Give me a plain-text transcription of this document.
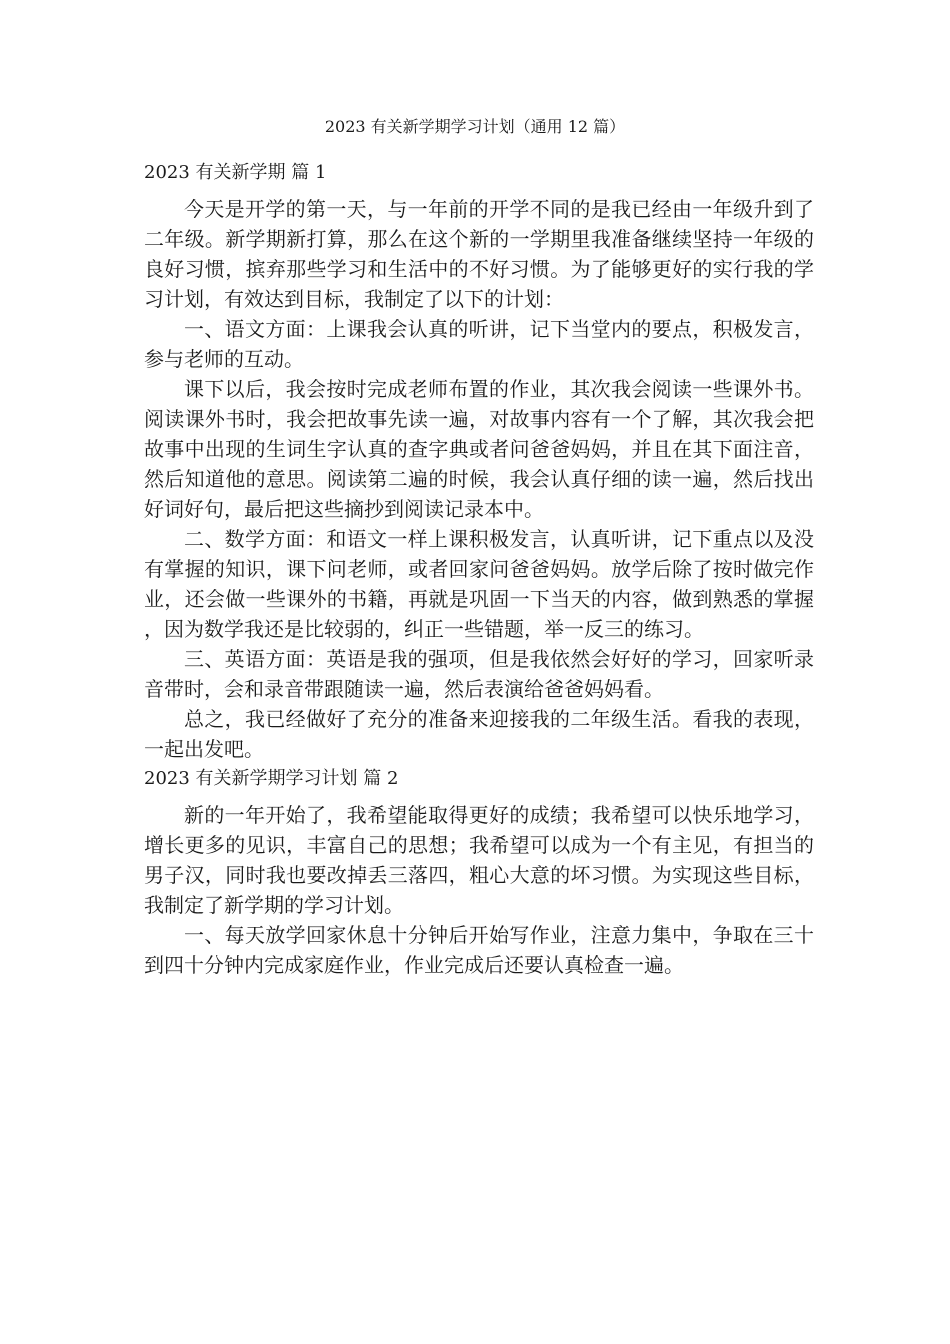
2023 有关新学期学习计划（通用 12 篇）
2023 有关新学期 篇 1

今天是开学的第一天，与一年前的开学不同的是我已经由一年级升到了二年级。新学期新打算，那么在这个新的一学期里我准备继续坚持一年级的良好习惯，摈弃那些学习和生活中的不好习惯。为了能够更好的实行我的学习计划，有效达到目标，我制定了以下的计划：

一、语文方面：上课我会认真的听讲，记下当堂内的要点，积极发言，参与老师的互动。

课下以后，我会按时完成老师布置的作业，其次我会阅读一些课外书。阅读课外书时，我会把故事先读一遍，对故事内容有一个了解，其次我会把故事中出现的生词生字认真的查字典或者问爸爸妈妈，并且在其下面注音，然后知道他的意思。阅读第二遍的时候，我会认真仔细的读一遍，然后找出好词好句，最后把这些摘抄到阅读记录本中。

二、数学方面：和语文一样上课积极发言，认真听讲，记下重点以及没有掌握的知识，课下问老师，或者回家问爸爸妈妈。放学后除了按时做完作业，还会做一些课外的书籍，再就是巩固一下当天的内容，做到熟悉的掌握，因为数学我还是比较弱的，纠正一些错题，举一反三的练习。

三、英语方面：英语是我的强项，但是我依然会好好的学习，回家听录音带时，会和录音带跟随读一遍，然后表演给爸爸妈妈看。

总之，我已经做好了充分的准备来迎接我的二年级生活。看我的表现，一起出发吧。

2023 有关新学期学习计划 篇 2

新的一年开始了，我希望能取得更好的成绩；我希望可以快乐地学习，增长更多的见识，丰富自己的思想；我希望可以成为一个有主见，有担当的男子汉，同时我也要改掉丢三落四，粗心大意的坏习惯。为实现这些目标，我制定了新学期的学习计划。

一、每天放学回家休息十分钟后开始写作业，注意力集中，争取在三十到四十分钟内完成家庭作业，作业完成后还要认真检查一遍。
